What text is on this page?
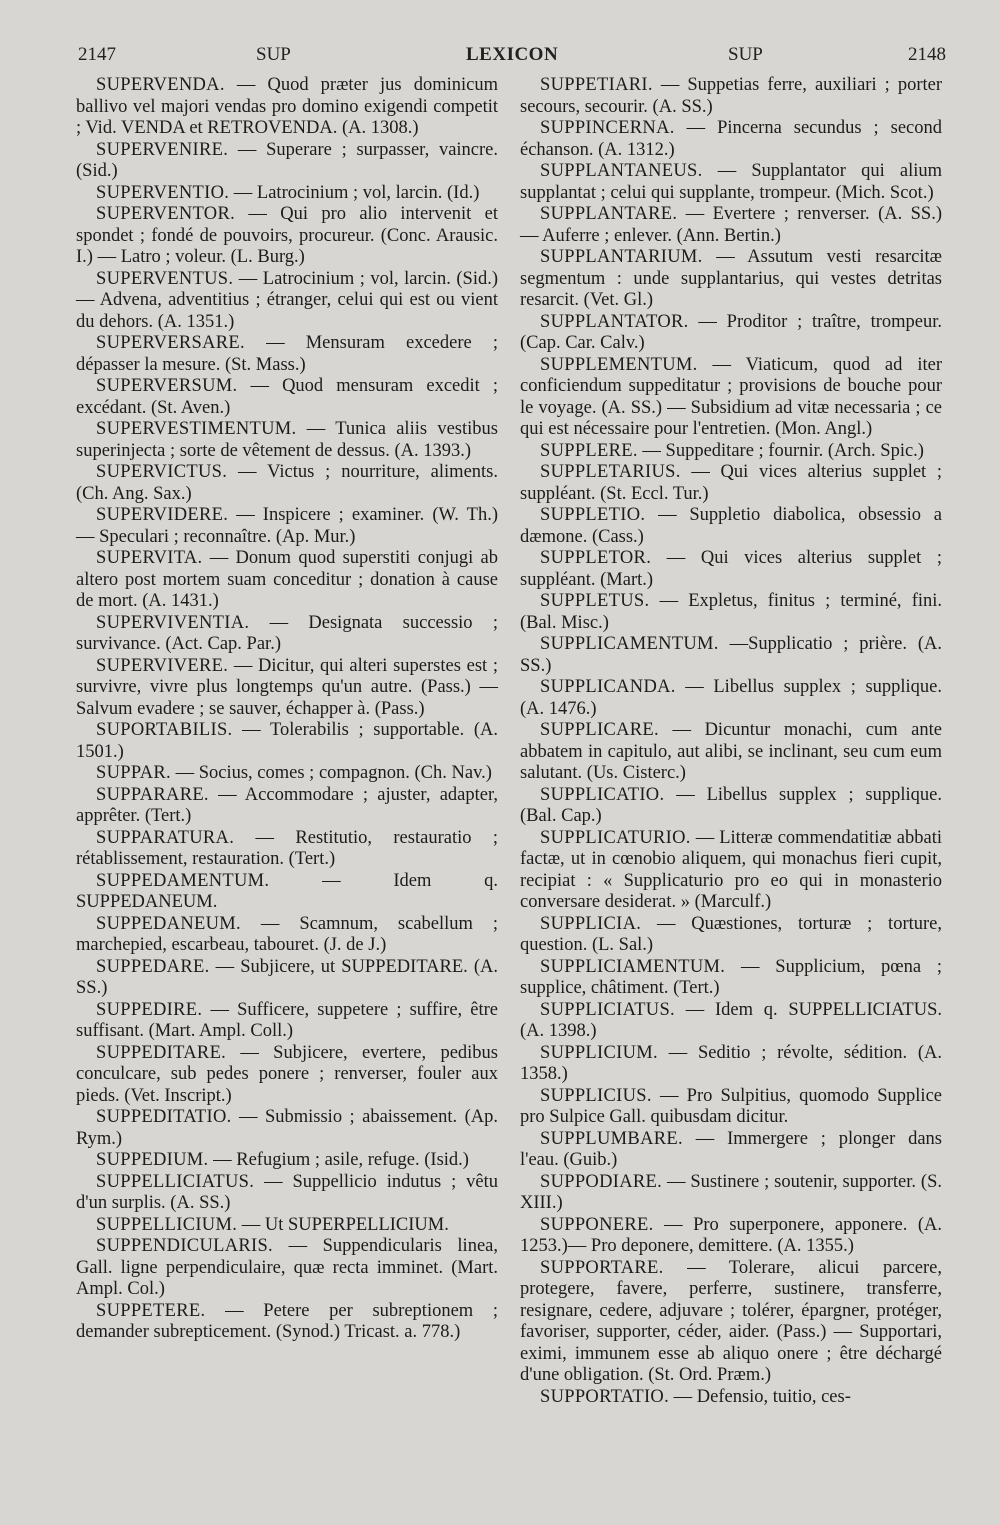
2147	SUP	LEXICON	SUP	2148

SUPERVENDA. — Quod præter jus dominicum ballivo vel majori vendas pro domino exigendi competit ; Vid. VENDA et RETROVENDA. (A. 1308.)

SUPERVENIRE. — Superare ; surpasser, vaincre. (Sid.)

SUPERVENTIO. — Latrocinium ; vol, larcin. (Id.)

SUPERVENTOR. — Qui pro alio intervenit et spondet ; fondé de pouvoirs, procureur. (Conc. Arausic. I.) — Latro ; voleur. (L. Burg.)

SUPERVENTUS. — Latrocinium ; vol, larcin. (Sid.) — Advena, adventitius ; étranger, celui qui est ou vient du dehors. (A. 1351.)

SUPERVERSARE. — Mensuram excedere ; dépasser la mesure. (St. Mass.)

SUPERVERSUM. — Quod mensuram excedit ; excédant. (St. Aven.)

SUPERVESTIMENTUM. — Tunica aliis vestibus superinjecta ; sorte de vêtement de dessus. (A. 1393.)

SUPERVICTUS. — Victus ; nourriture, aliments. (Ch. Ang. Sax.)

SUPERVIDERE. — Inspicere ; examiner. (W. Th.) — Speculari ; reconnaître. (Ap. Mur.)

SUPERVITA. — Donum quod superstiti conjugi ab altero post mortem suam conceditur ; donation à cause de mort. (A. 1431.)

SUPERVIVENTIA. — Designata successio ; survivance. (Act. Cap. Par.)

SUPERVIVERE. — Dicitur, qui alteri superstes est ; survivre, vivre plus longtemps qu'un autre. (Pass.) — Salvum evadere ; se sauver, échapper à. (Pass.)

SUPORTABILIS. — Tolerabilis ; supportable. (A. 1501.)

SUPPAR. — Socius, comes ; compagnon. (Ch. Nav.)

SUPPARARE. — Accommodare ; ajuster, adapter, apprêter. (Tert.)

SUPPARATURA. — Restitutio, restauratio ; rétablissement, restauration. (Tert.)

SUPPEDAMENTUM.	— Idem q. SUPPEDANEUM.

SUPPEDANEUM. — Scamnum, scabellum ; marchepied, escarbeau, tabouret. (J. de J.)

SUPPEDARE. — Subjicere, ut SUPPEDITARE. (A. SS.)

SUPPEDIRE. — Sufficere, suppetere ; suffire, être suffisant. (Mart. Ampl. Coll.)

SUPPEDITARE. — Subjicere, evertere, pedibus conculcare, sub pedes ponere ; renverser, fouler aux pieds. (Vet. Inscript.)

SUPPEDITATIO. — Submissio ; abaissement. (Ap. Rym.)

SUPPEDIUM. — Refugium ; asile, refuge. (Isid.)

SUPPELLICIATUS. — Suppellicio indutus ; vêtu d'un surplis. (A. SS.)

SUPPELLICIUM. — Ut SUPERPELLICIUM.

SUPPENDICULARIS. — Suppendicularis linea, Gall. ligne perpendiculaire, quæ recta imminet. (Mart. Ampl. Col.)

SUPPETERE. — Petere per subreptionem ; demander subrepticement. (Synod.) Tricast. a. 778.)

SUPPETIARI. — Suppetias ferre, auxiliari ; porter secours, secourir. (A. SS.)

SUPPINCERNA. — Pincerna secundus ; second échanson. (A. 1312.)

SUPPLANTANEUS. — Supplantator qui alium supplantat ; celui qui supplante, trompeur. (Mich. Scot.)

SUPPLANTARE. — Evertere ; renverser. (A. SS.) — Auferre ; enlever. (Ann. Bertin.)

SUPPLANTARIUM. — Assutum vesti resarcitæ segmentum : unde supplantarius, qui vestes detritas resarcit. (Vet. Gl.)

SUPPLANTATOR. — Proditor ; traître, trompeur. (Cap. Car. Calv.)

SUPPLEMENTUM. — Viaticum, quod ad iter conficiendum suppeditatur ; provisions de bouche pour le voyage. (A. SS.) — Subsidium ad vitæ necessaria ; ce qui est nécessaire pour l'entretien. (Mon. Angl.)

SUPPLERE. — Suppeditare ; fournir. (Arch. Spic.)

SUPPLETARIUS. — Qui vices alterius supplet ; suppléant. (St. Eccl. Tur.)

SUPPLETIO. — Suppletio diabolica, obsessio a dæmone. (Cass.)

SUPPLETOR. — Qui vices alterius supplet ; suppléant. (Mart.)

SUPPLETUS. — Expletus, finitus ; terminé, fini. (Bal. Misc.)

SUPPLICAMENTUM. —Supplicatio ; prière. (A. SS.)

SUPPLICANDA. — Libellus supplex ; supplique. (A. 1476.)

SUPPLICARE. — Dicuntur monachi, cum ante abbatem in capitulo, aut alibi, se inclinant, seu cum eum salutant. (Us. Cisterc.)

SUPPLICATIO. — Libellus supplex ; supplique. (Bal. Cap.)

SUPPLICATURIO. — Litteræ commendatitiæ abbati factæ, ut in cœnobio aliquem, qui monachus fieri cupit, recipiat : « Supplicaturio pro eo qui in monasterio conversare desiderat. » (Marculf.)

SUPPLICIA. — Quæstiones, torturæ ; torture, question. (L. Sal.)

SUPPLICIAMENTUM. — Supplicium, pœna ; supplice, châtiment. (Tert.)

SUPPLICIATUS. — Idem q. SUPPELLICIATUS. (A. 1398.)

SUPPLICIUM. — Seditio ; révolte, sédition. (A. 1358.)

SUPPLICIUS. — Pro Sulpitius, quomodo Supplice pro Sulpice Gall. quibusdam dicitur.

SUPPLUMBARE. — Immergere ; plonger dans l'eau. (Guib.)

SUPPODIARE. — Sustinere ; soutenir, supporter. (S. XIII.)

SUPPONERE. — Pro superponere, apponere. (A. 1253.)— Pro deponere, demittere. (A. 1355.)

SUPPORTARE. — Tolerare, alicui parcere, protegere, favere, perferre, sustinere, transferre, resignare, cedere, adjuvare ; tolérer, épargner, protéger, favoriser, supporter, céder, aider. (Pass.) — Supportari, eximi, immunem esse ab aliquo onere ; être déchargé d'une obligation. (St. Ord. Præm.)

SUPPORTATIO. — Defensio, tuitio, ces-
